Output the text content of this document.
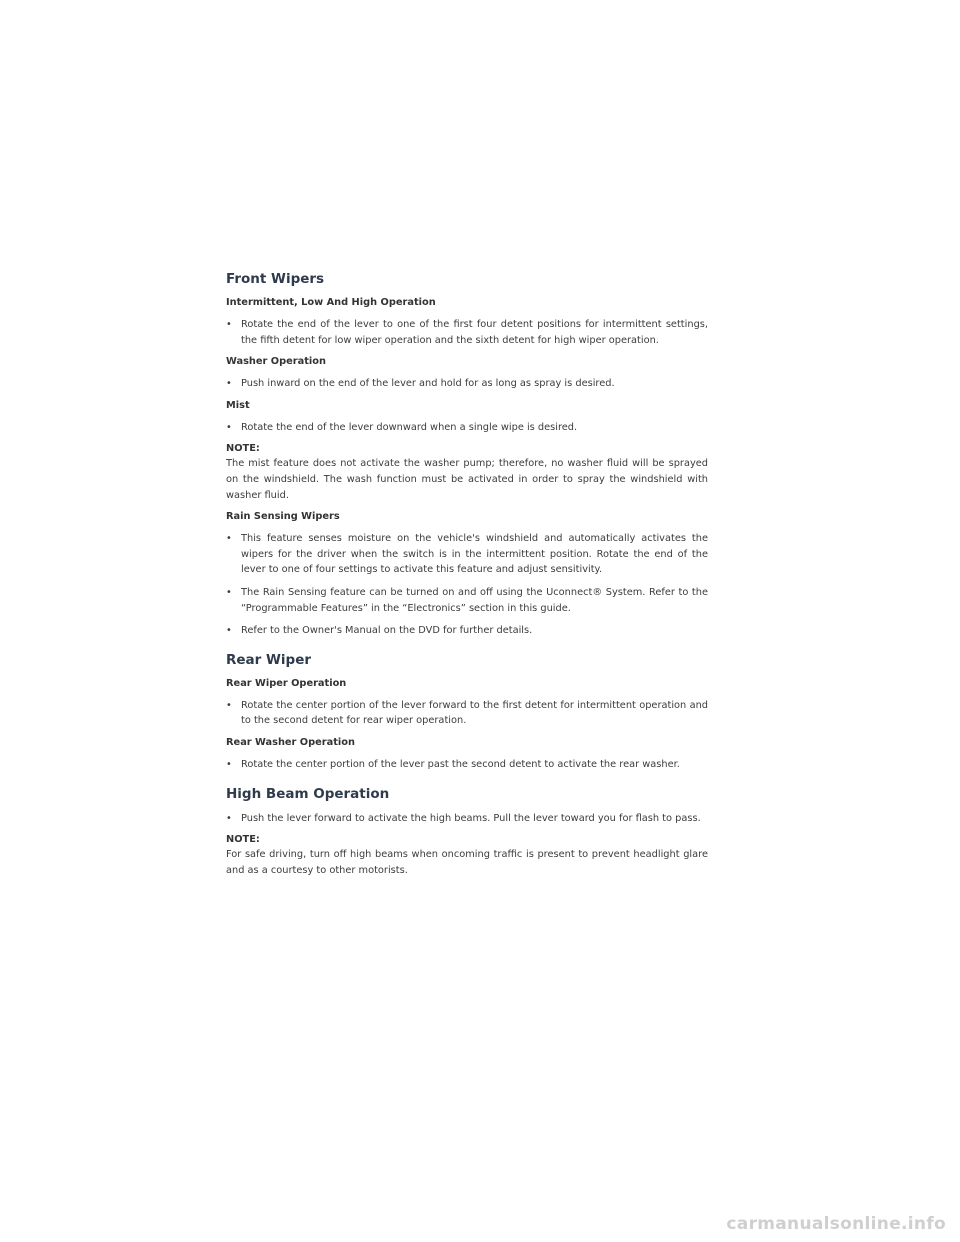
Front Wipers

Intermittent, Low And High Operation

• Rotate the end of the lever to one of the first four detent positions for intermittent settings, the fifth detent for low wiper operation and the sixth detent for high wiper operation.

Washer Operation

• Push inward on the end of the lever and hold for as long as spray is desired.

Mist

• Rotate the end of the lever downward when a single wipe is desired.

NOTE:

The mist feature does not activate the washer pump; therefore, no washer fluid will be sprayed on the windshield. The wash function must be activated in order to spray the windshield with washer fluid.

Rain Sensing Wipers

• This feature senses moisture on the vehicle's windshield and automatically activates the wipers for the driver when the switch is in the intermittent position. Rotate the end of the lever to one of four settings to activate this feature and adjust sensitivity.

• The Rain Sensing feature can be turned on and off using the Uconnect® System. Refer to the “Programmable Features” in the “Electronics” section in this guide.

• Refer to the Owner's Manual on the DVD for further details.

Rear Wiper

Rear Wiper Operation

• Rotate the center portion of the lever forward to the first detent for intermittent operation and to the second detent for rear wiper operation.

Rear Washer Operation

• Rotate the center portion of the lever past the second detent to activate the rear washer.

High Beam Operation

• Push the lever forward to activate the high beams. Pull the lever toward you for flash to pass.

NOTE:

For safe driving, turn off high beams when oncoming traffic is present to prevent headlight glare and as a courtesy to other motorists.

carmanualsonline.info
